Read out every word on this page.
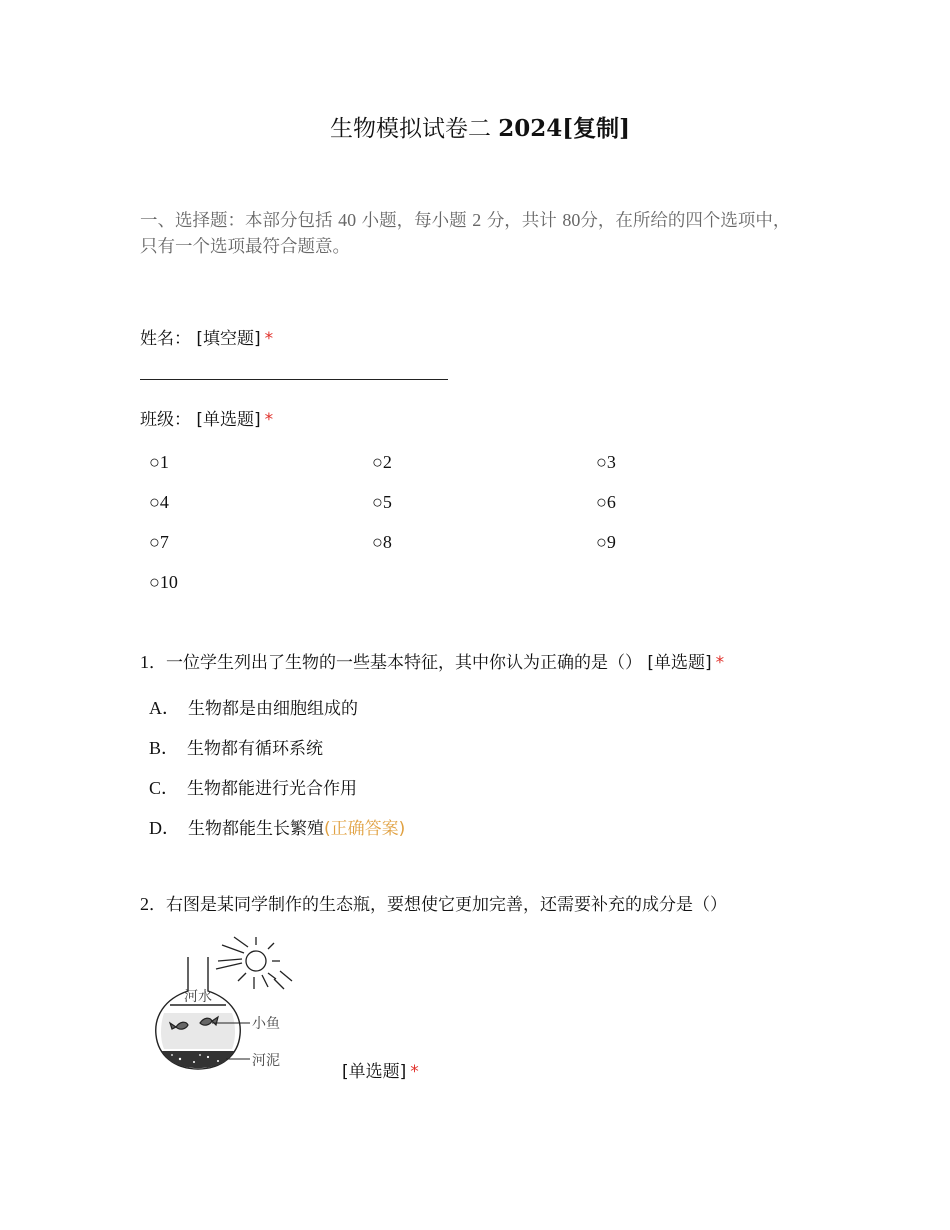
生物模拟试卷二 2024[复制]
一、选择题：本部分包括 40 小题，每小题 2 分，共计 80分，在所给的四个选项中，只有一个选项最符合题意。
姓名： [填空题] *
班级： [单选题] *
○1	○2	○3
○4	○5	○6
○7	○8	○9
○10
1．一位学生列出了生物的一些基本特征，其中你认为正确的是（） [单选题] *
A． 生物都是由细胞组成的
B． 生物都有循环系统
C． 生物都能进行光合作用
D． 生物都能生长繁殖(正确答案)
2．右图是某同学制作的生态瓶，要想使它更加完善，还需要补充的成分是（）
河水
小鱼
河泥
[单选题] *
